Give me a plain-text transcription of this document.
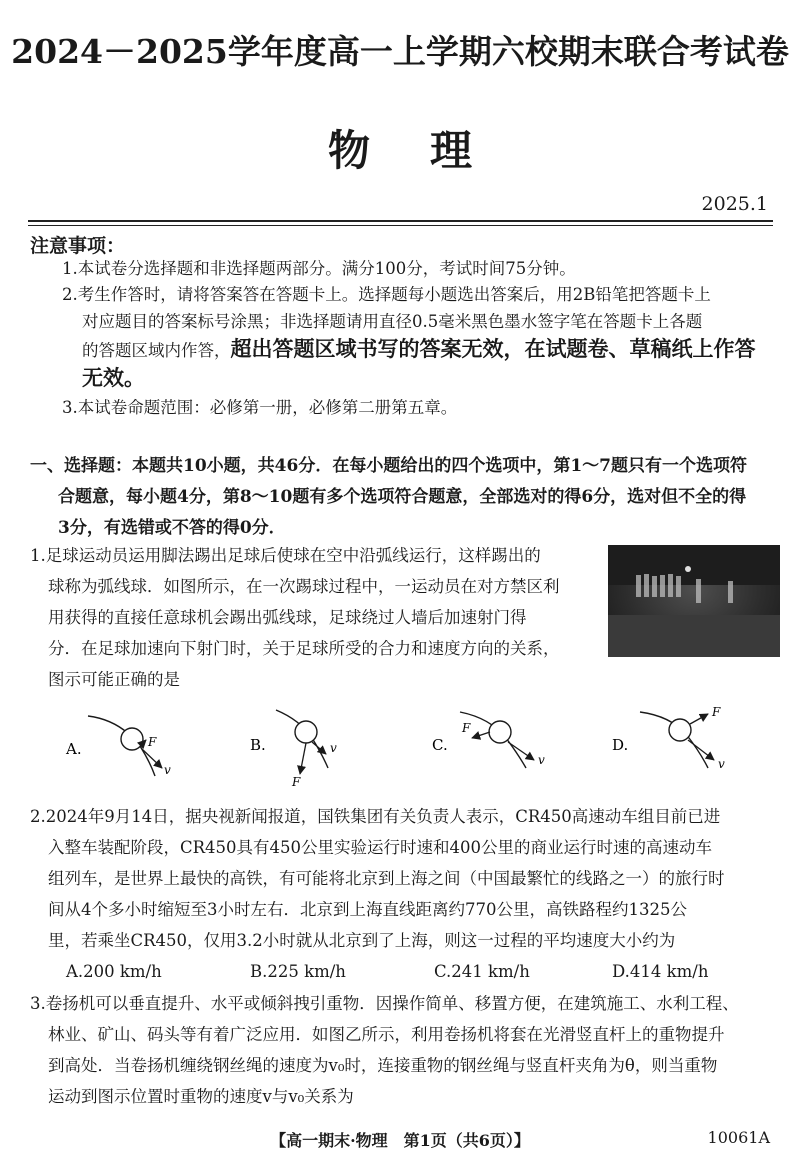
2024－2025学年度高一上学期六校期末联合考试卷
物理
2025.1
注意事项：
1.本试卷分选择题和非选择题两部分。满分100分，考试时间75分钟。
2.考生作答时，请将答案答在答题卡上。选择题每小题选出答案后，用2B铅笔把答题卡上
对应题目的答案标号涂黑；非选择题请用直径0.5毫米黑色墨水签字笔在答题卡上各题
的答题区域内作答，超出答题区域书写的答案无效，在试题卷、草稿纸上作答
无效。
3.本试卷命题范围：必修第一册，必修第二册第五章。
一、选择题：本题共10小题，共46分．在每小题给出的四个选项中，第1～7题只有一个选项符
合题意，每小题4分，第8～10题有多个选项符合题意，全部选对的得6分，选对但不全的得
3分，有选错或不答的得0分．
1.足球运动员运用脚法踢出足球后使球在空中沿弧线运行，这样踢出的
球称为弧线球．如图所示，在一次踢球过程中，一运动员在对方禁区利
用获得的直接任意球机会踢出弧线球，足球绕过人墙后加速射门得
分．在足球加速向下射门时，关于足球所受的合力和速度方向的关系，
图示可能正确的是
A.	F
v
B.	v
F
C.
F
v
D.
F
v
2.2024年9月14日，据央视新闻报道，国铁集团有关负责人表示，CR450高速动车组目前已进
入整车装配阶段，CR450具有450公里实验运行时速和400公里的商业运行时速的高速动车
组列车，是世界上最快的高铁，有可能将北京到上海之间（中国最繁忙的线路之一）的旅行时
间从4个多小时缩短至3小时左右．北京到上海直线距离约770公里，高铁路程约1325公
里，若乘坐CR450，仅用3.2小时就从北京到了上海，则这一过程的平均速度大小约为
A.200 km/h	B.225 km/h	C.241 km/h	D.414 km/h
3.卷扬机可以垂直提升、水平或倾斜拽引重物．因操作简单、移置方便，在建筑施工、水利工程、
林业、矿山、码头等有着广泛应用．如图乙所示，利用卷扬机将套在光滑竖直杆上的重物提升
到高处．当卷扬机缠绕钢丝绳的速度为v₀时，连接重物的钢丝绳与竖直杆夹角为θ，则当重物
运动到图示位置时重物的速度v与v₀关系为
【高一期末·物理　第1页（共6页）】	10061A
